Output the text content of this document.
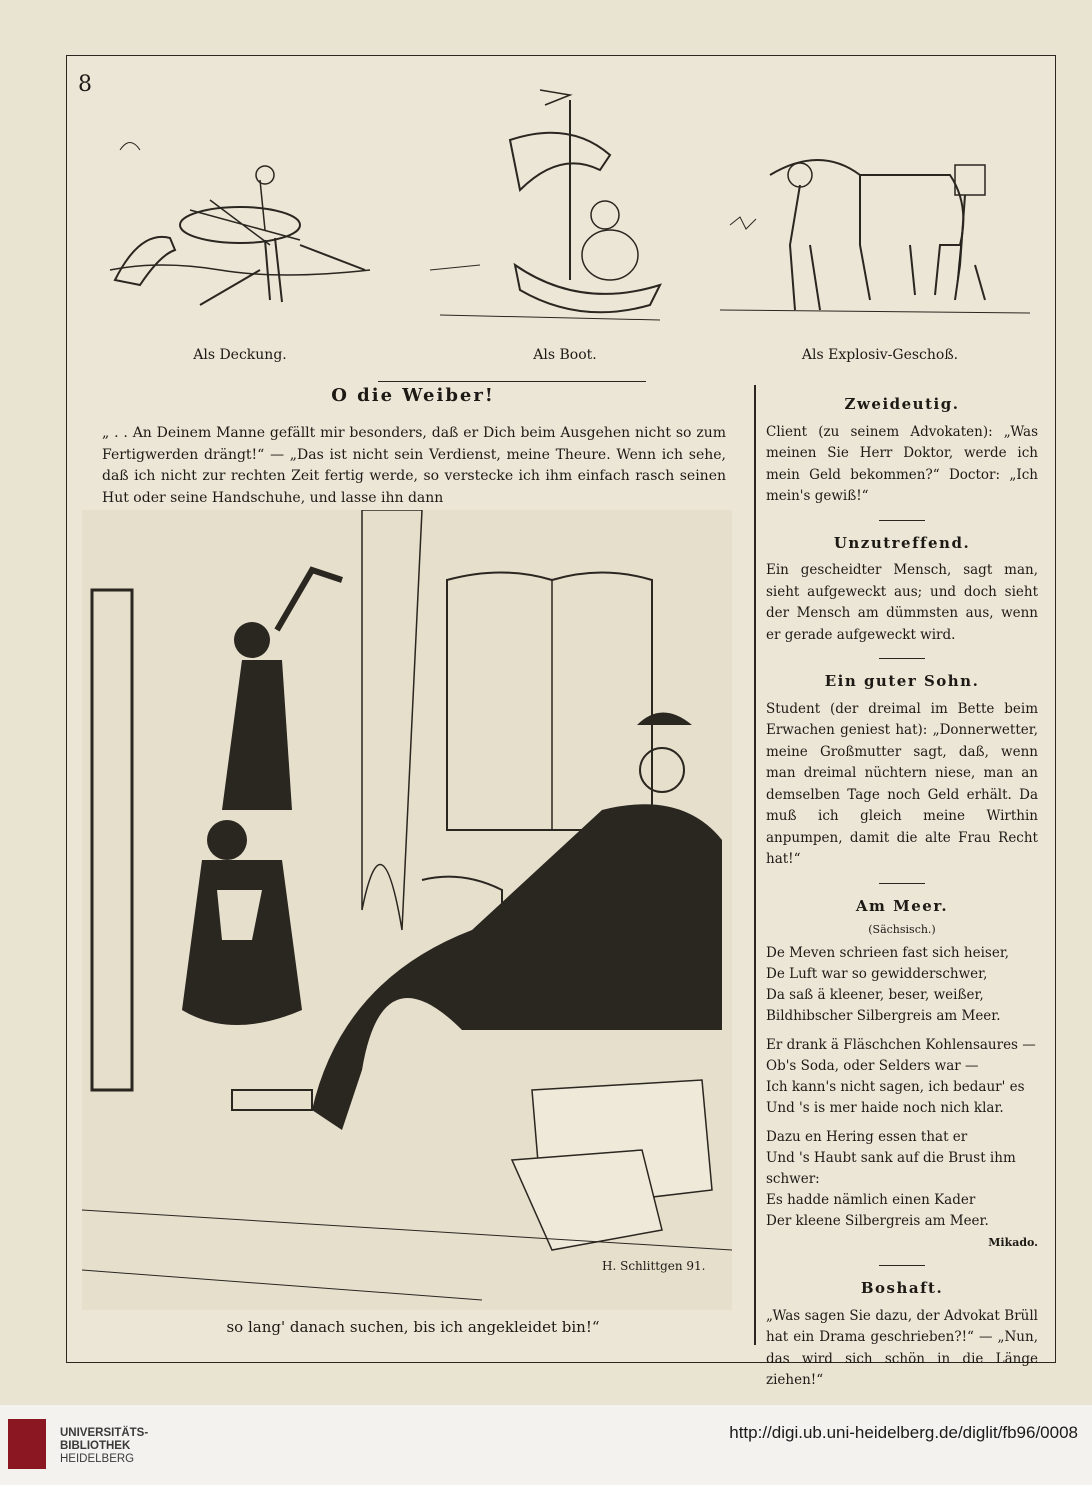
8
Als Deckung.	Als Boot.	Als Explosiv-Geschoß.
O die Weiber!

„ . . An Deinem Manne gefällt mir besonders, daß er Dich beim Ausgehen nicht so zum Fertigwerden drängt!“ — „Das ist nicht sein Verdienst, meine Theure. Wenn ich sehe, daß ich nicht zur rechten Zeit fertig werde, so verstecke ich ihm einfach rasch seinen Hut oder seine Handschuhe, und lasse ihn dann

H. Schlittgen 91.
so lang' danach suchen, bis ich angekleidet bin!“
Zweideutig.

Client (zu seinem Advokaten): „Was meinen Sie Herr Doktor, werde ich mein Geld bekommen?“ Doctor: „Ich mein's gewiß!“

Unzutreffend.

Ein gescheidter Mensch, sagt man, sieht aufgeweckt aus; und doch sieht der Mensch am dümmsten aus, wenn er gerade aufgeweckt wird.

Ein guter Sohn.

Student (der dreimal im Bette beim Erwachen geniest hat): „Donnerwetter, meine Großmutter sagt, daß, wenn man dreimal nüchtern niese, man an demselben Tage noch Geld erhält. Da muß ich gleich meine Wirthin anpumpen, damit die alte Frau Recht hat!“

Am Meer.
(Sächsisch.)
De Meven schrieen fast sich heiser,
De Luft war so gewidderschwer,
Da saß ä kleener, beser, weißer,
Bildhibscher Silbergreis am Meer.
Er drank ä Fläschchen Kohlensaures —
Ob's Soda, oder Selders war —
Ich kann's nicht sagen, ich bedaur' es
Und 's is mer haide noch nich klar.
Dazu en Hering essen that er
Und 's Haubt sank auf die Brust ihm schwer:
Es hadde nämlich einen Kader
Der kleene Silbergreis am Meer.

Mikado.

Boshaft.

„Was sagen Sie dazu, der Advokat Brüll hat ein Drama geschrieben?!“ — „Nun, das wird sich schön in die Länge ziehen!“

UNIVERSITÄTS-
BIBLIOTHEK
HEIDELBERG
http://digi.ub.uni-heidelberg.de/diglit/fb96/0008
